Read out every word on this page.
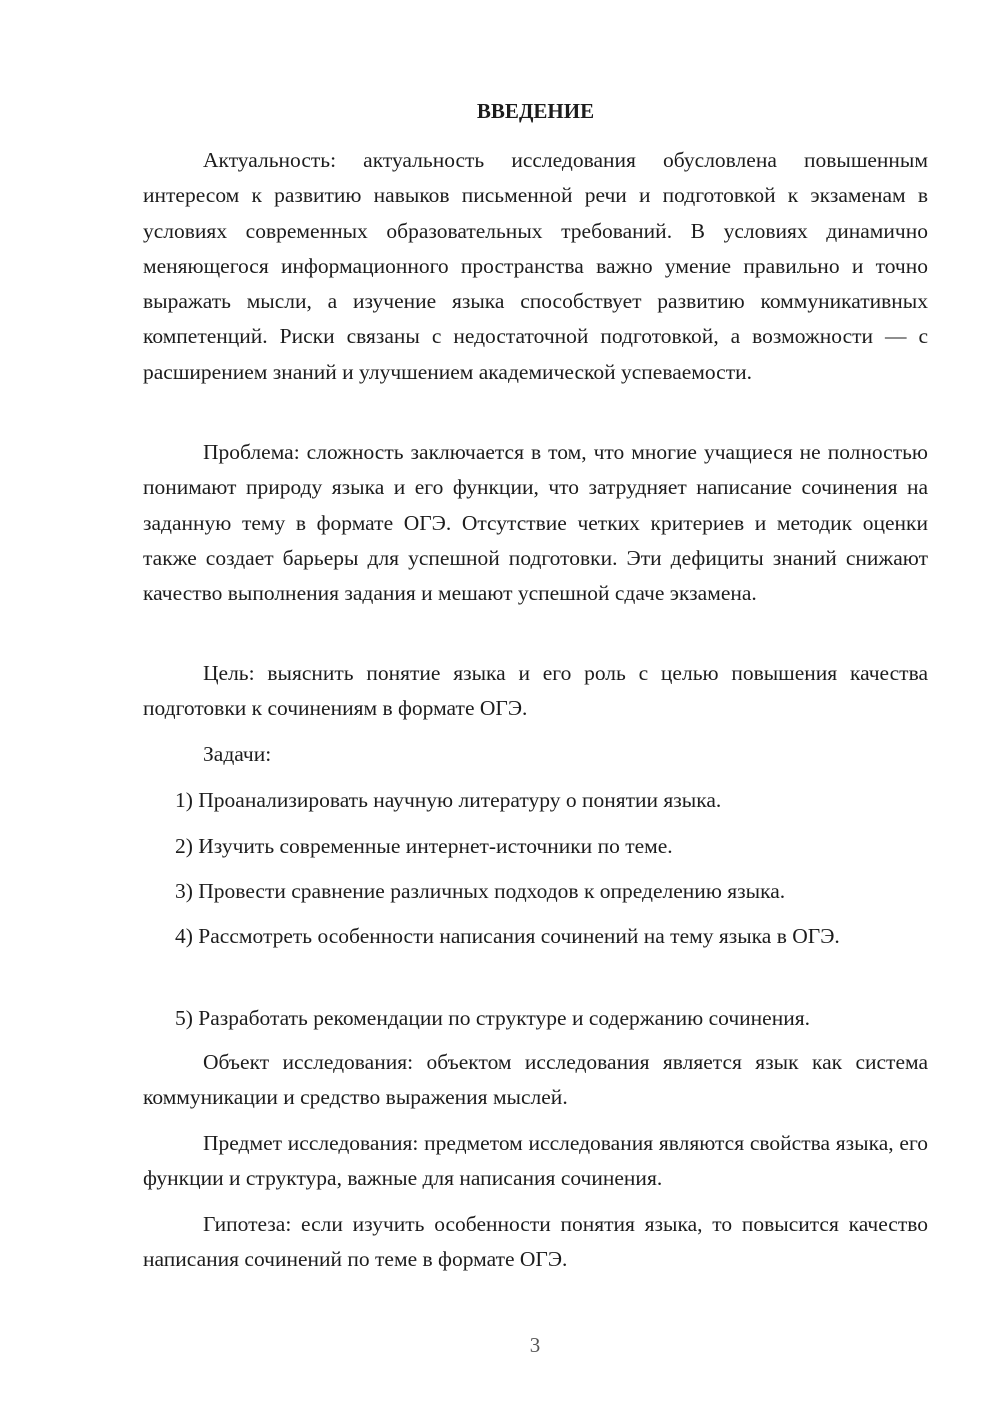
ВВЕДЕНИЕ

Актуальность: актуальность исследования обусловлена повышенным интересом к развитию навыков письменной речи и подготовкой к экзаменам в условиях современных образовательных требований. В условиях динамично меняющегося информационного пространства важно умение правильно и точно выражать мысли, а изучение языка способствует развитию коммуникативных компетенций. Риски связаны с недостаточной подготовкой, а возможности — с расширением знаний и улучшением академической успеваемости.

Проблема: сложность заключается в том, что многие учащиеся не полностью понимают природу языка и его функции, что затрудняет написание сочинения на заданную тему в формате ОГЭ. Отсутствие четких критериев и методик оценки также создает барьеры для успешной подготовки. Эти дефициты знаний снижают качество выполнения задания и мешают успешной сдаче экзамена.

Цель: выяснить понятие языка и его роль с целью повышения качества подготовки к сочинениям в формате ОГЭ.

Задачи:

1) Проанализировать научную литературу о понятии языка.

2) Изучить современные интернет-источники по теме.

3) Провести сравнение различных подходов к определению языка.

4) Рассмотреть особенности написания сочинений на тему языка в ОГЭ.

5) Разработать рекомендации по структуре и содержанию сочинения.

Объект исследования: объектом исследования является язык как система коммуникации и средство выражения мыслей.

Предмет исследования: предметом исследования являются свойства языка, его функции и структура, важные для написания сочинения.

Гипотеза: если изучить особенности понятия языка, то повысится качество написания сочинений по теме в формате ОГЭ.

3
